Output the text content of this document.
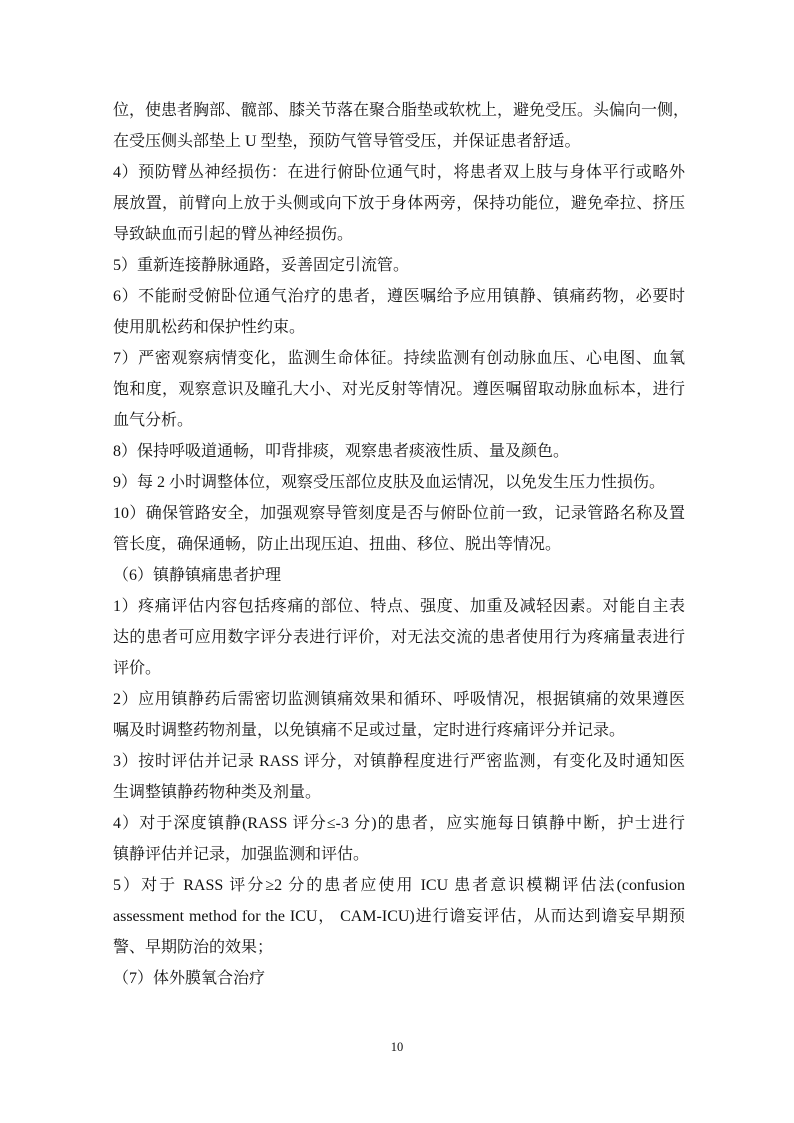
位，使患者胸部、髋部、膝关节落在聚合脂垫或软枕上，避免受压。头偏向一侧，
在受压侧头部垫上 U 型垫，预防气管导管受压，并保证患者舒适。
4）预防臂丛神经损伤：在进行俯卧位通气时，将患者双上肢与身体平行或略外
展放置，前臂向上放于头侧或向下放于身体两旁，保持功能位，避免牵拉、挤压
导致缺血而引起的臂丛神经损伤。
5）重新连接静脉通路，妥善固定引流管。
6）不能耐受俯卧位通气治疗的患者，遵医嘱给予应用镇静、镇痛药物，必要时
使用肌松药和保护性约束。
7）严密观察病情变化，监测生命体征。持续监测有创动脉血压、心电图、血氧
饱和度，观察意识及瞳孔大小、对光反射等情况。遵医嘱留取动脉血标本，进行
血气分析。
8）保持呼吸道通畅，叩背排痰，观察患者痰液性质、量及颜色。
9）每 2 小时调整体位，观察受压部位皮肤及血运情况，以免发生压力性损伤。
10）确保管路安全，加强观察导管刻度是否与俯卧位前一致，记录管路名称及置
管长度，确保通畅，防止出现压迫、扭曲、移位、脱出等情况。
（6）镇静镇痛患者护理
1）疼痛评估内容包括疼痛的部位、特点、强度、加重及减轻因素。对能自主表
达的患者可应用数字评分表进行评价，对无法交流的患者使用行为疼痛量表进行
评价。
2）应用镇静药后需密切监测镇痛效果和循环、呼吸情况，根据镇痛的效果遵医
嘱及时调整药物剂量，以免镇痛不足或过量，定时进行疼痛评分并记录。
3）按时评估并记录 RASS 评分，对镇静程度进行严密监测，有变化及时通知医
生调整镇静药物种类及剂量。
4）对于深度镇静(RASS 评分≤-3 分)的患者，应实施每日镇静中断，护士进行
镇静评估并记录，加强监测和评估。
5）对于 RASS 评分≥2 分的患者应使用 ICU 患者意识模糊评估法(confusion
assessment method for the ICU， CAM-ICU)进行谵妄评估，从而达到谵妄早期预
警、早期防治的效果；
（7）体外膜氧合治疗
10
